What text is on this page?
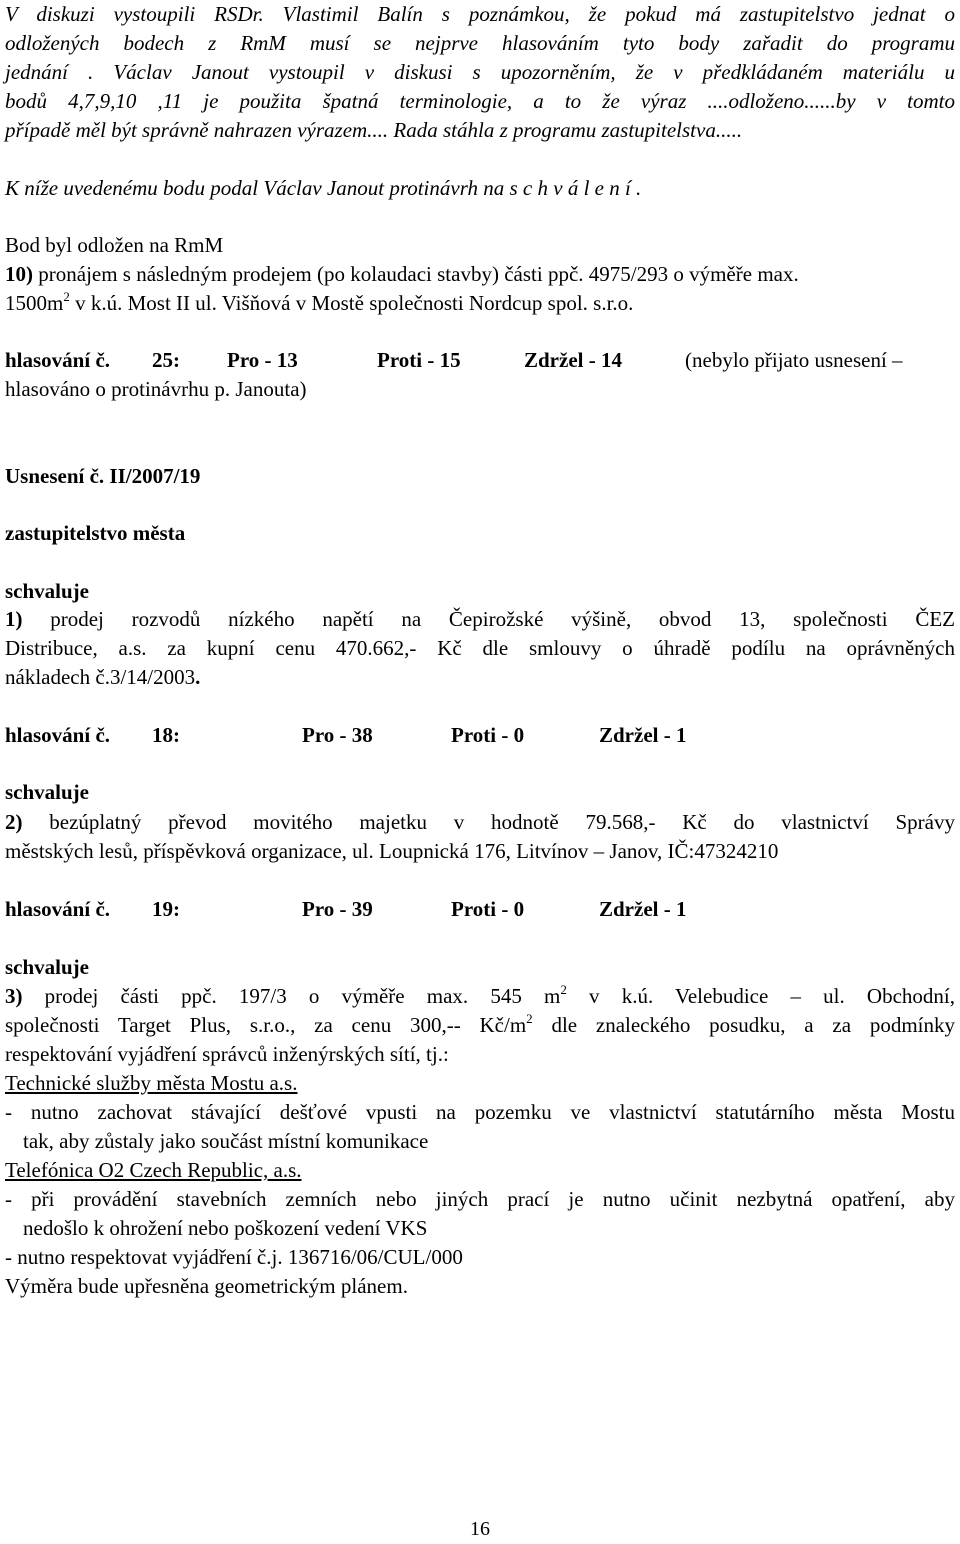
V diskuzi vystoupili RSDr. Vlastimil Balín s poznámkou, že pokud má zastupitelstvo jednat o
odložených bodech z RmM musí se nejprve hlasováním tyto body zařadit do programu
jednání . Václav Janout vystoupil v diskusi s upozorněním, že v předkládaném materiálu u
bodů 4,7,9,10 ,11 je použita špatná terminologie, a to že výraz ....odloženo......by v tomto
případě měl být správně nahrazen výrazem.... Rada stáhla z programu zastupitelstva.....
K níže uvedenému bodu podal Václav Janout protinávrh na s c h v á l e n í .
Bod byl odložen na RmM
10) pronájem s následným prodejem (po kolaudaci stavby) části ppč. 4975/293 o výměře max.
$1500m^2$ v k.ú. Most II ul. Višňová v Mostě společnosti Nordcup spol. s.r.o.
hlasování č. 25: Pro - 13	Proti - 15	Zdržel - 14	(nebylo přijato usnesení –
hlasováno o protinávrhu p. Janouta)
Usnesení č. II/2007/19
zastupitelstvo města
schvaluje
1) prodej rozvodů nízkého napětí na Čepirožské výšině, obvod 13, společnosti ČEZ
Distribuce, a.s. za kupní cenu 470.662,- Kč dle smlouvy o úhradě podílu na oprávněných
nákladech č.3/14/2003.
hlasování č. 18:	Pro - 38	Proti - 0	Zdržel - 1
schvaluje
2) bezúplatný převod movitého majetku v hodnotě 79.568,- Kč do vlastnictví Správy
městských lesů, příspěvková organizace, ul. Loupnická 176, Litvínov – Janov, IČ:47324210
hlasování č. 19:	Pro - 39	Proti - 0	Zdržel - 1
schvaluje
3) prodej části ppč. 197/3 o výměře max. 545 $m^2$ v k.ú. Velebudice – ul. Obchodní,
společnosti Target Plus, s.r.o., za cenu 300,-- $Kč/m^2$ dle znaleckého posudku, a za podmínky
respektování vyjádření správců inženýrských sítí, tj.:
Technické služby města Mostu a.s.
- nutno zachovat stávající dešťové vpusti na pozemku ve vlastnictví statutárního města Mostu
tak, aby zůstaly jako součást místní komunikace
Telefónica O2 Czech Republic, a.s.
- při provádění stavebních zemních nebo jiných prací je nutno učinit nezbytná opatření, aby
nedošlo k ohrožení nebo poškození vedení VKS
- nutno respektovat vyjádření č.j. 136716/06/CUL/000
Výměra bude upřesněna geometrickým plánem.
16
